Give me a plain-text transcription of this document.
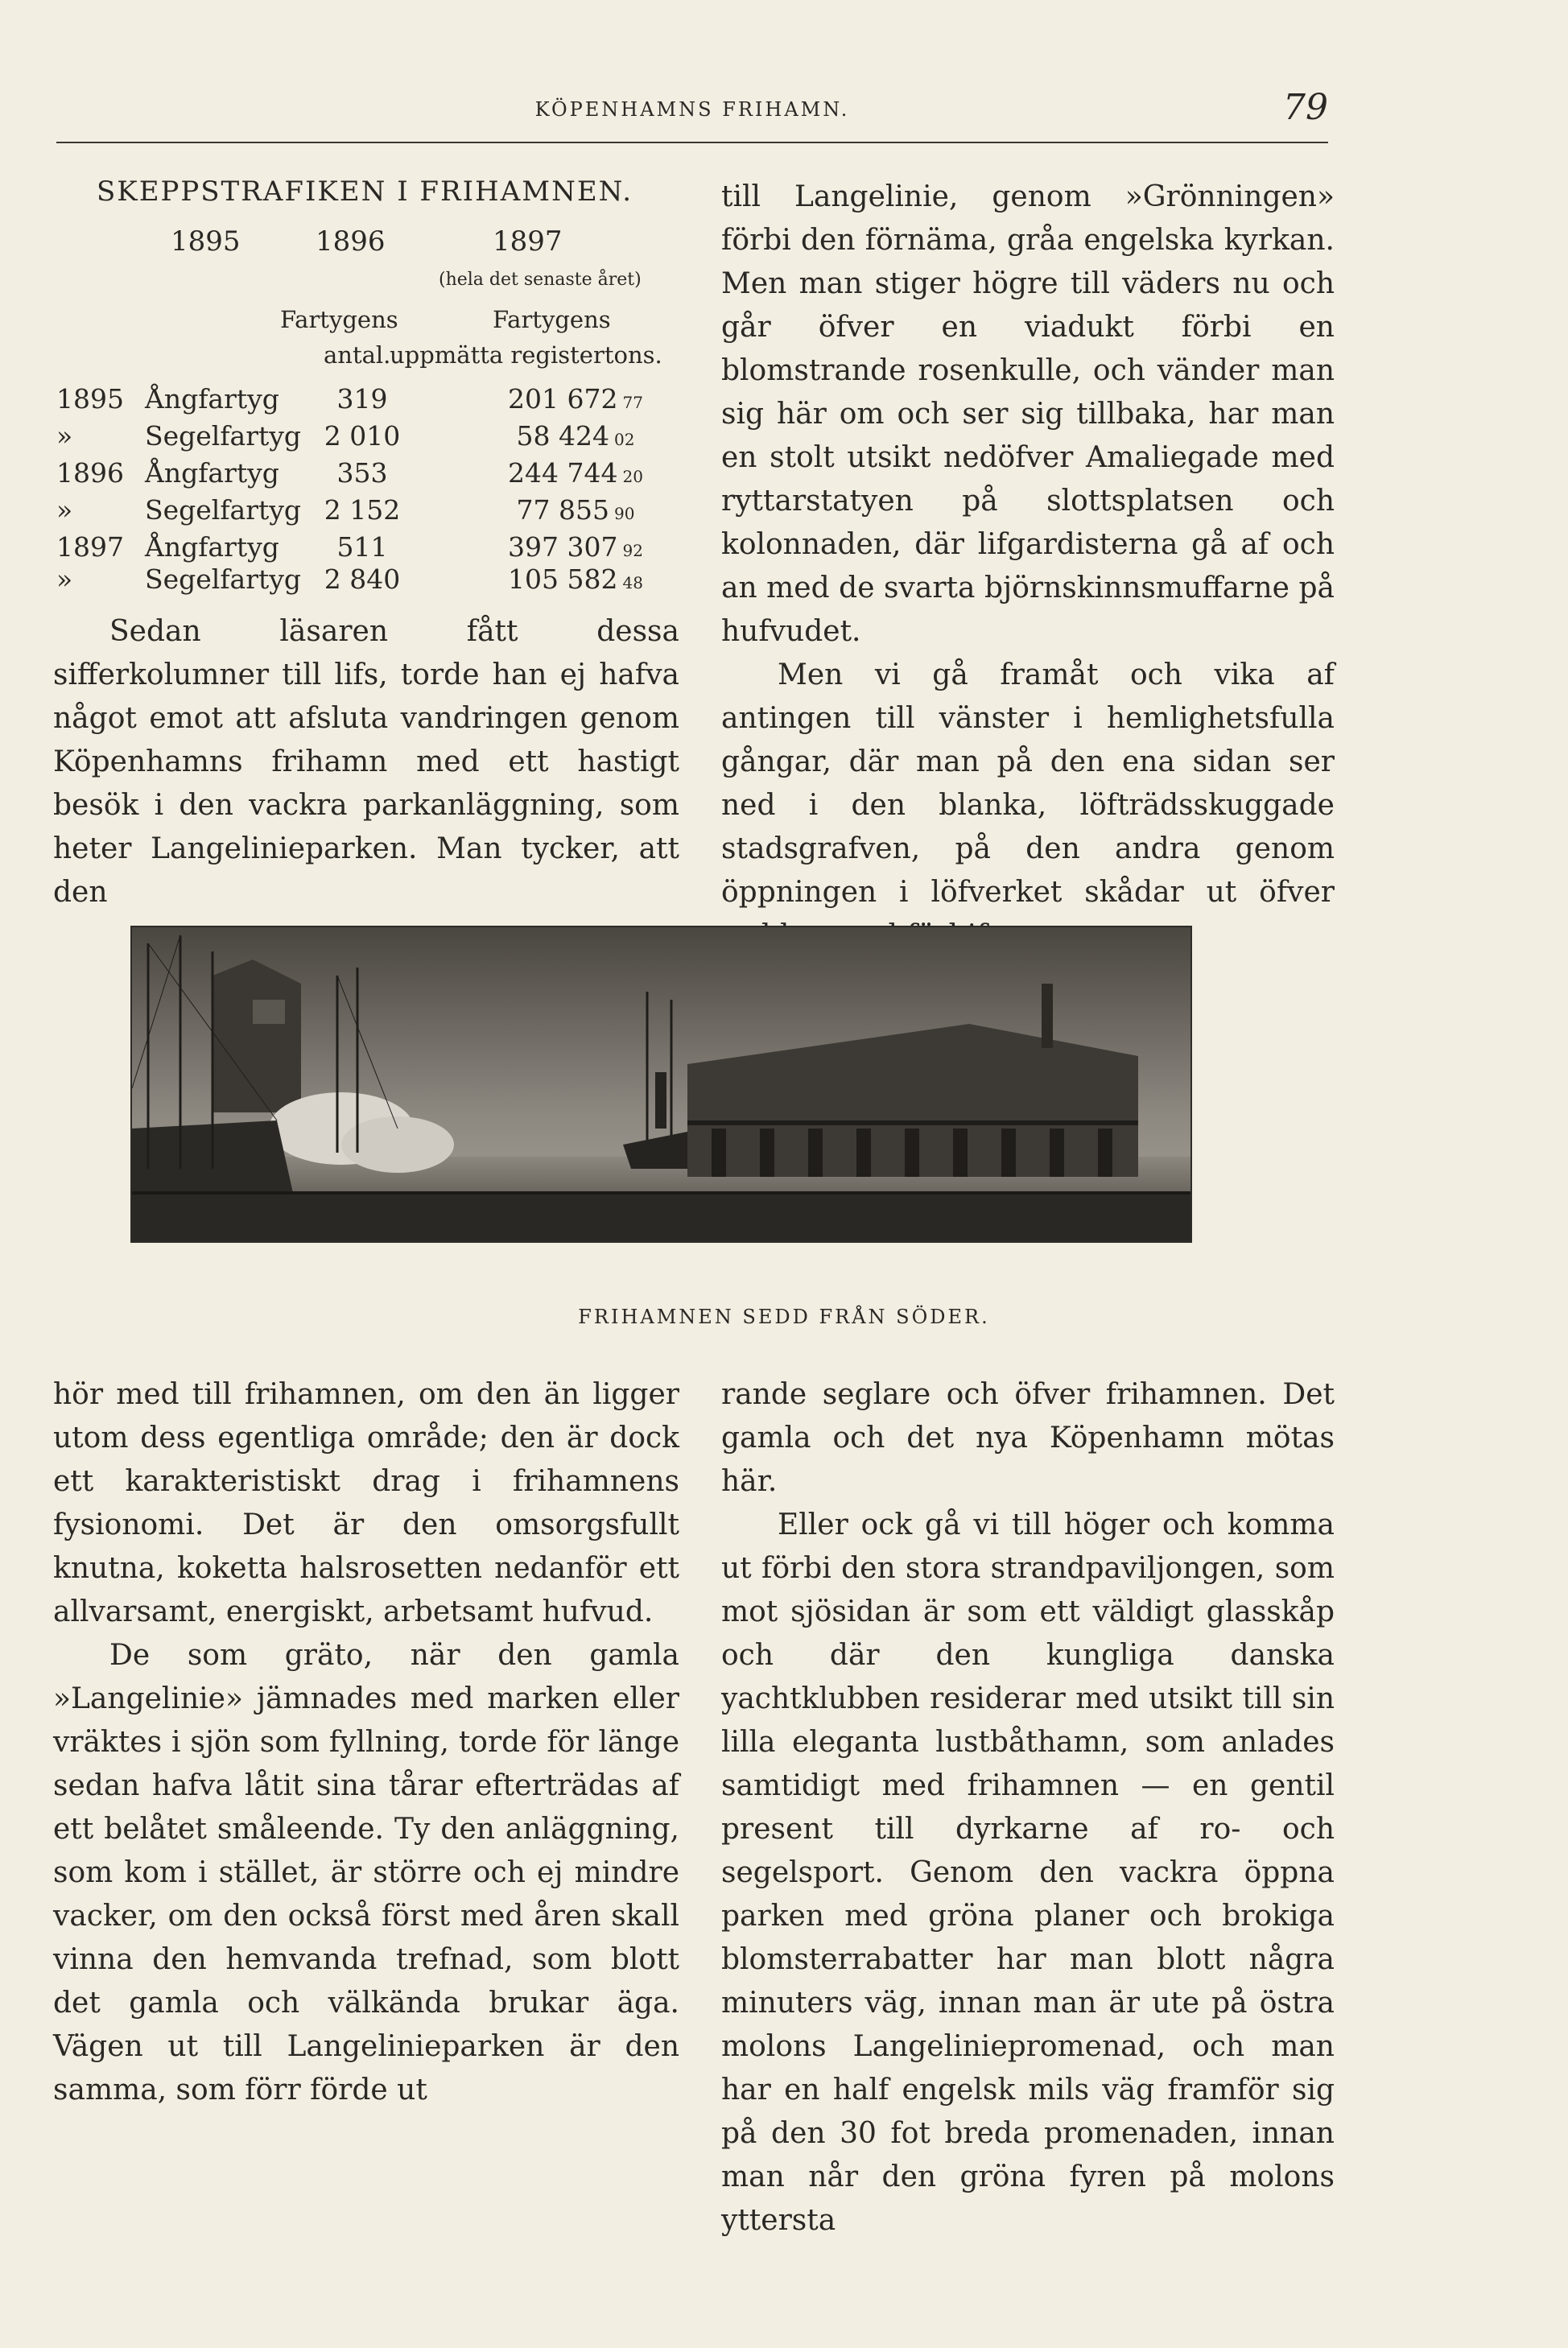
KÖPENHAMNS FRIHAMN.	79
SKEPPSTRAFIKEN I FRIHAMNEN.
1895	1896	1897
(hela det senaste året)
Fartygens
antal.
Fartygens
uppmätta registertons.
1895 Ångfartyg	319	201 672 77
»	Segelfartyg 2 010	58 424 02
1896 Ångfartyg	353	244 744 20
»	Segelfartyg 2 152	77 855 90
1897 Ångfartyg	511	397 307 92
»	Segelfartyg 2 840	105 582 48

Sedan läsaren fått dessa sifferkolumner till lifs, torde han ej hafva något emot att afsluta vandringen genom Köpenhamns frihamn med ett hastigt besök i den vackra parkanläggning, som heter Langelinieparken. Man tycker, att den

till Langelinie, genom »Grönningen» förbi den förnäma, gråa engelska kyrkan. Men man stiger högre till väders nu och går öfver en viadukt förbi en blomstrande rosenkulle, och vänder man sig här om och ser sig tillbaka, har man en stolt utsikt nedöfver Amaliegade med ryttarstatyen på slottsplatsen och kolonnaden, där lifgardisterna gå af och an med de svarta björnskinnsmuffarne på hufvudet.

Men vi gå framåt och vika af antingen till vänster i hemlighetsfulla gångar, där man på den ena sidan ser ned i den blanka, löfträdsskuggade stadsgrafven, på den andra genom öppningen i löfverket skådar ut öfver

FRIHAMNEN SEDD FRÅN SÖDER.

hör med till frihamnen, om den än ligger utom dess egentliga område; den är dock ett karakteristiskt drag i frihamnens fysionomi. Det är den omsorgsfullt knutna, koketta halsrosetten nedanför ett allvarsamt, energiskt, arbetsamt hufvud.

De som gräto, när den gamla »Langelinie» jämnades med marken eller vräktes i sjön som fyllning, torde för länge sedan hafva låtit sina tårar efterträdas af ett belåtet småleende. Ty den anläggning, som kom i stället, är större och ej mindre vacker, om den också först med åren skall vinna den hemvanda trefnad, som blott det gamla och välkända brukar äga. Vägen ut till Langelinieparken är den samma, som förr förde ut

rande seglare och öfver frihamnen. Det gamla och det nya Köpenhamn mötas här.

Eller ock gå vi till höger och komma ut förbi den stora strandpaviljongen, som mot sjösidan är som ett väldigt glasskåp och där den kungliga danska yachtklubben residerar med utsikt till sin lilla eleganta lustbåthamn, som anlades samtidigt med frihamnen — en gentil present till dyrkarne af ro- och segelsport. Genom den vackra öppna parken med gröna planer och brokiga blomsterrabatter har man blott några minuters väg, innan man är ute på östra molons Langeliniepromenad, och man har en half engelsk mils väg framför sig på den 30 fot breda promenaden, innan man når den gröna fyren på molons yttersta
